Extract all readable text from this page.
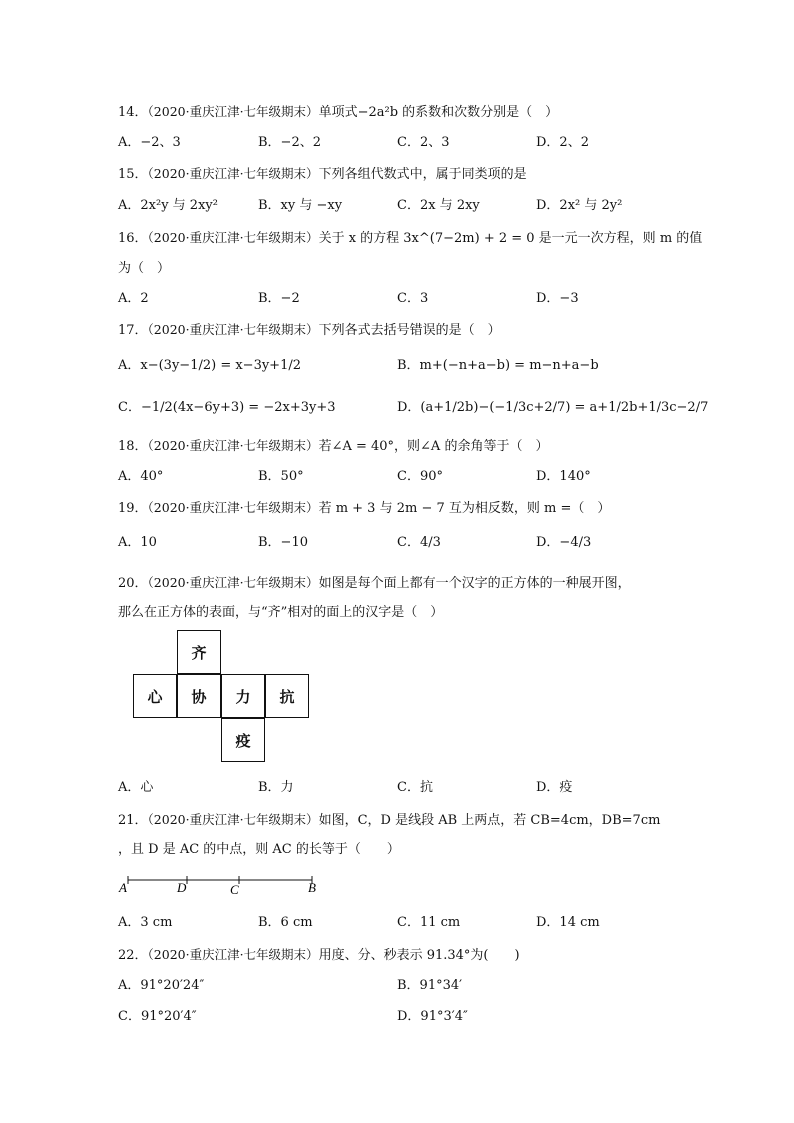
14．（2020·重庆江津·七年级期末）单项式−2a²b 的系数和次数分别是（　）
A．−2、3	B．−2、2	C．2、3	D．2、2
15．（2020·重庆江津·七年级期末）下列各组代数式中，属于同类项的是
A．2x²y 与 2xy²	B．xy 与 −xy	C．2x 与 2xy	D．2x² 与 2y²
16．（2020·重庆江津·七年级期末）关于 x 的方程 3x^(7−2m) + 2 = 0 是一元一次方程，则 m 的值
为（　）
A．2	B．−2	C．3	D．−3
17．（2020·重庆江津·七年级期末）下列各式去括号错误的是（　）
A．x−(3y−1/2) = x−3y+1/2	B．m+(−n+a−b) = m−n+a−b
C．−1/2(4x−6y+3) = −2x+3y+3	D．(a+1/2b)−(−1/3c+2/7) = a+1/2b+1/3c−2/7
18．（2020·重庆江津·七年级期末）若∠A = 40°，则∠A 的余角等于（　）
A．40°	B．50°	C．90°	D．140°
19．（2020·重庆江津·七年级期末）若 m + 3 与 2m − 7 互为相反数，则 m =（　）
A．10	B．−10	C．4/3	D．−4/3
20．（2020·重庆江津·七年级期末）如图是每个面上都有一个汉字的正方体的一种展开图，
那么在正方体的表面，与“齐”相对的面上的汉字是（　）
齐
心	协	力	抗
疫
A．心	B．力	C．抗	D．疫
21．（2020·重庆江津·七年级期末）如图，C，D 是线段 AB 上两点，若 CB=4cm，DB=7cm
，且 D 是 AC 的中点，则 AC 的长等于（　　）
A	D	C	B
A．3 cm	B．6 cm	C．11 cm	D．14 cm
22．（2020·重庆江津·七年级期末）用度、分、秒表示 91.34°为(　　)
A．91°20′24″	B．91°34′
C．91°20′4″	D．91°3′4″
